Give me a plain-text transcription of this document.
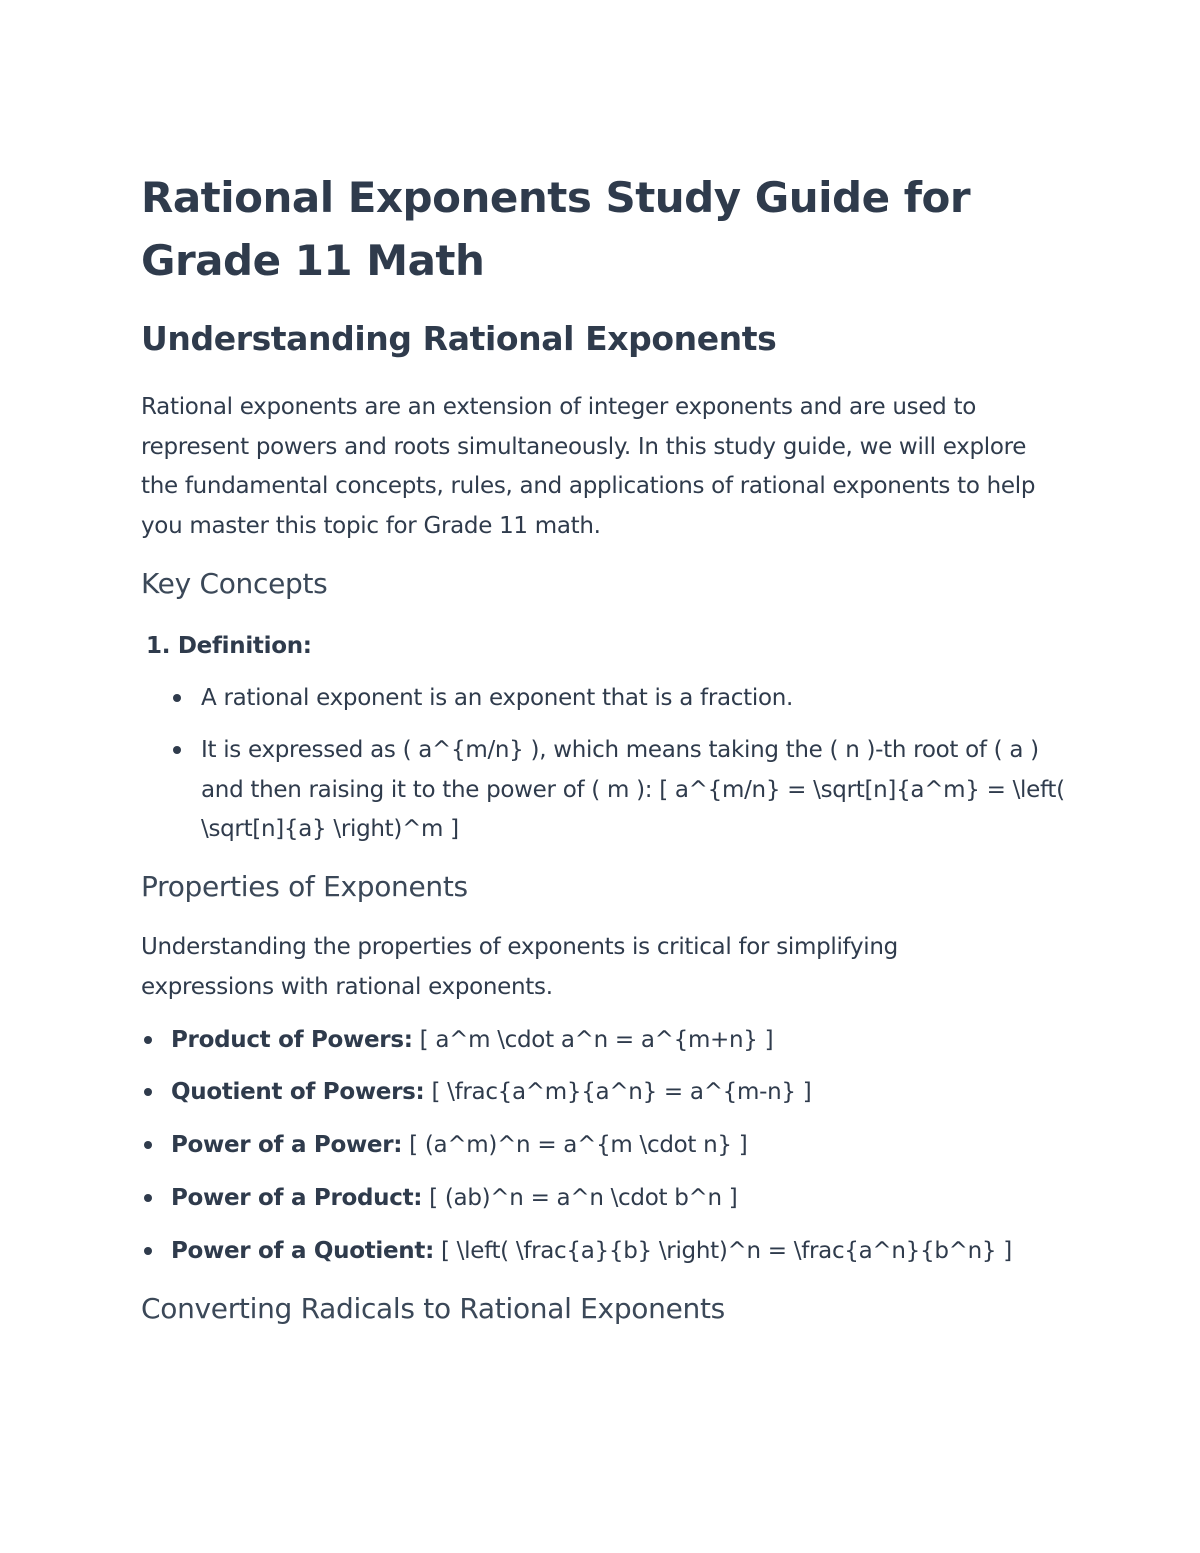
Rational Exponents Study Guide for Grade 11 Math
Understanding Rational Exponents

Rational exponents are an extension of integer exponents and are used to represent powers and roots simultaneously. In this study guide, we will explore the fundamental concepts, rules, and applications of rational exponents to help you master this topic for Grade 11 math.

Key Concepts
1. Definition:
A rational exponent is an exponent that is a fraction.

It is expressed as ( a^{m/n} ), which means taking the ( n )-th root of ( a ) and then raising it to the power of ( m ): [ a^{m/n} = \sqrt[n]{a^m} = \left( \sqrt[n]{a} \right)^m ]

Properties of Exponents

Understanding the properties of exponents is critical for simplifying expressions with rational exponents.

Product of Powers: [ a^m \cdot a^n = a^{m+n} ]
Quotient of Powers: [ \frac{a^m}{a^n} = a^{m-n} ]
Power of a Power: [ (a^m)^n = a^{m \cdot n} ]
Power of a Product: [ (ab)^n = a^n \cdot b^n ]
Power of a Quotient: [ \left( \frac{a}{b} \right)^n = \frac{a^n}{b^n} ]
Converting Radicals to Rational Exponents
